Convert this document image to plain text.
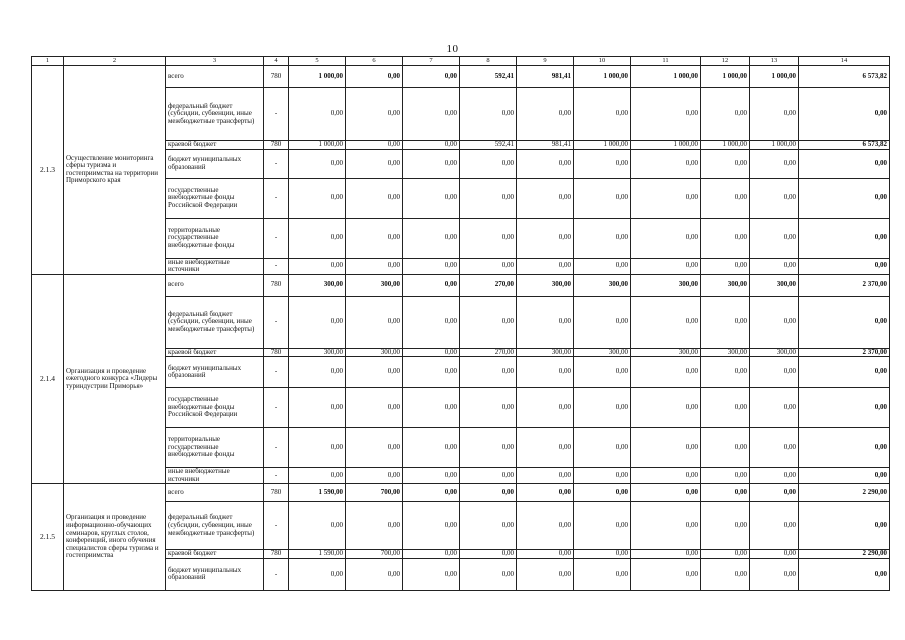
10
1	2	3	4	5	6	7	8	9	10	11	12	13	14
2.1.3	Осуществление мониторинга сферы туризма и гостеприимства на территории Приморского края	всего	780	1 000,00	0,00	0,00	592,41	981,41	1 000,00	1 000,00	1 000,00	1 000,00	6 573,82
		федеральный бюджет (субсидии, субвенции, иные межбюджетные трансферты)	-	0,00	0,00	0,00	0,00	0,00	0,00	0,00	0,00	0,00	0,00
		краевой бюджет	780	1 000,00	0,00	0,00	592,41	981,41	1 000,00	1 000,00	1 000,00	1 000,00	6 573,82
		бюджет муниципальных образований	-	0,00	0,00	0,00	0,00	0,00	0,00	0,00	0,00	0,00	0,00
		государственные внебюджетные фонды Российской Федерации	-	0,00	0,00	0,00	0,00	0,00	0,00	0,00	0,00	0,00	0,00
		территориальные государственные внебюджетные фонды	-	0,00	0,00	0,00	0,00	0,00	0,00	0,00	0,00	0,00	0,00
		иные внебюджетные источники	-	0,00	0,00	0,00	0,00	0,00	0,00	0,00	0,00	0,00	0,00
2.1.4	Организация и проведение ежегодного конкурса «Лидеры туриндустрии Приморья»	всего	780	300,00	300,00	0,00	270,00	300,00	300,00	300,00	300,00	300,00	2 370,00
		федеральный бюджет (субсидии, субвенции, иные межбюджетные трансферты)	-	0,00	0,00	0,00	0,00	0,00	0,00	0,00	0,00	0,00	0,00
		краевой бюджет	780	300,00	300,00	0,00	270,00	300,00	300,00	300,00	300,00	300,00	2 370,00
		бюджет муниципальных образований	-	0,00	0,00	0,00	0,00	0,00	0,00	0,00	0,00	0,00	0,00
		государственные внебюджетные фонды Российской Федерации	-	0,00	0,00	0,00	0,00	0,00	0,00	0,00	0,00	0,00	0,00
		территориальные государственные внебюджетные фонды	-	0,00	0,00	0,00	0,00	0,00	0,00	0,00	0,00	0,00	0,00
		иные внебюджетные источники	-	0,00	0,00	0,00	0,00	0,00	0,00	0,00	0,00	0,00	0,00
2.1.5	Организация и проведение информационно-обучающих семинаров, круглых столов, конференций, иного обучения специалистов сферы туризма и гостеприимства	всего	780	1 590,00	700,00	0,00	0,00	0,00	0,00	0,00	0,00	0,00	2 290,00
		федеральный бюджет (субсидии, субвенции, иные межбюджетные трансферты)	-	0,00	0,00	0,00	0,00	0,00	0,00	0,00	0,00	0,00	0,00
		краевой бюджет	780	1 590,00	700,00	0,00	0,00	0,00	0,00	0,00	0,00	0,00	2 290,00
		бюджет муниципальных образований	-	0,00	0,00	0,00	0,00	0,00	0,00	0,00	0,00	0,00	0,00
